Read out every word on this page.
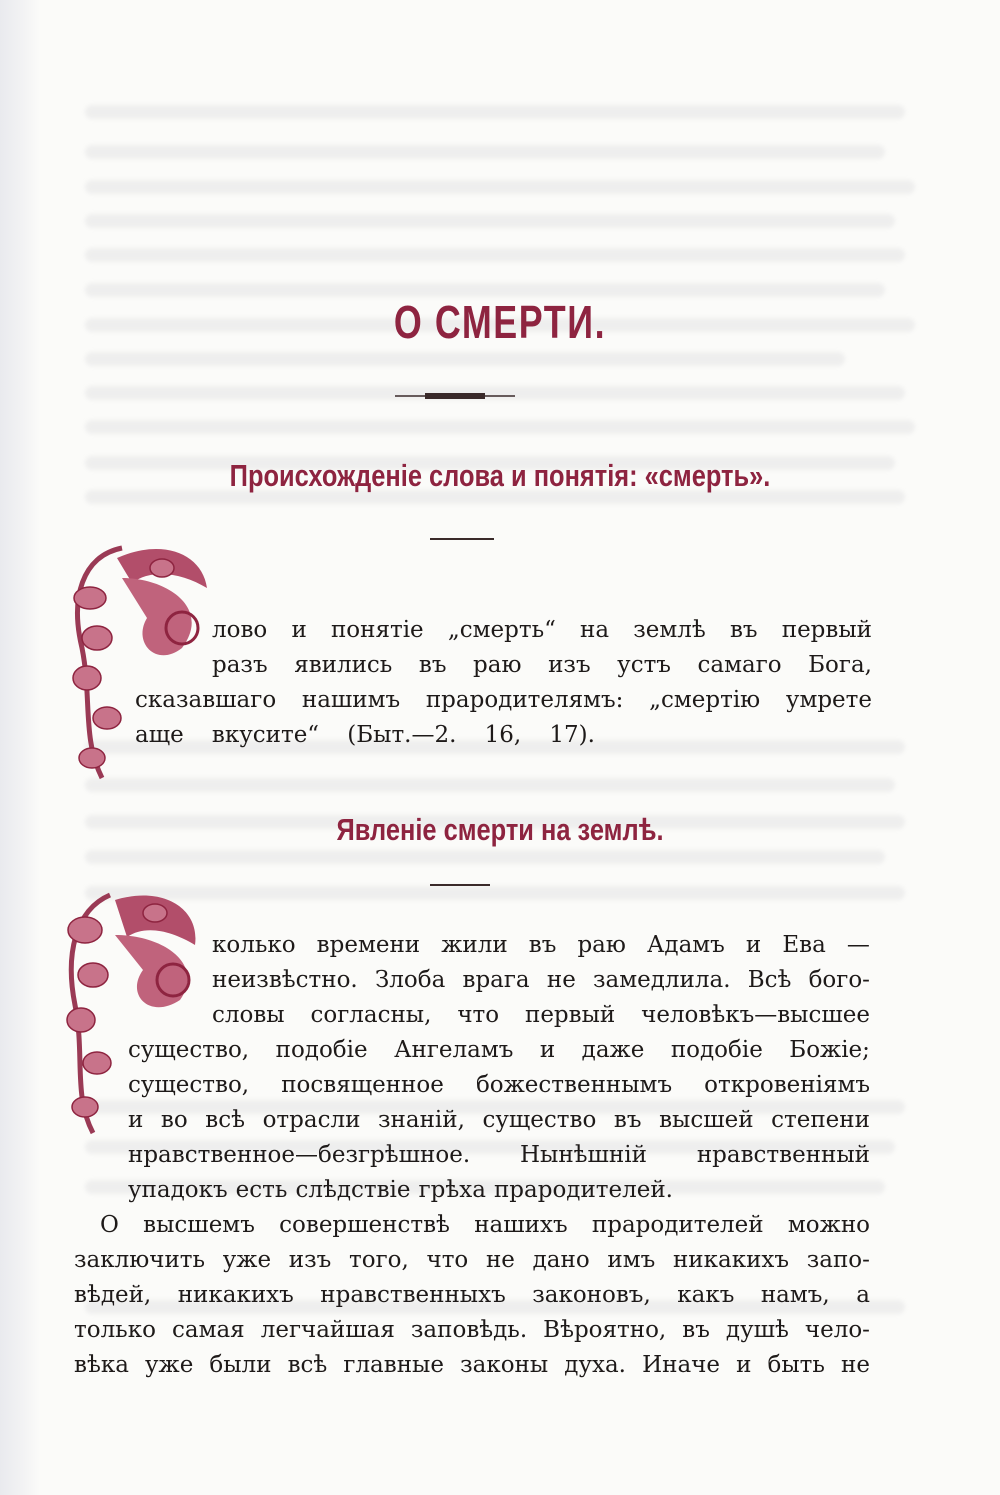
О СМЕРТИ.
Происхожденіе слова и понятія: «смерть».
лово и понятіе „смерть“ на землѣ въ первый
разъ явились въ раю изъ устъ самаго Бога,
сказавшаго нашимъ прародителямъ: „смертію умрете
аще вкусите“ (Быт.—2. 16, 17).
Явленіе смерти на землѣ.
колько времени жили въ раю Адамъ и Ева —
неизвѣстно. Злоба врага не замедлила. Всѣ бого-
словы согласны, что первый человѣкъ—высшее
существо, подобіе Ангеламъ и даже подобіе Божіе;
существо, посвященное божественнымъ откровеніямъ
и во всѣ отрасли знаній, существо въ высшей степени
нравственное—безгрѣшное. Нынѣшній нравственный
упадокъ есть слѣдствіе грѣха прародителей.
О высшемъ совершенствѣ нашихъ прародителей можно
заключить уже изъ того, что не дано имъ никакихъ запо-
вѣдей, никакихъ нравственныхъ законовъ, какъ намъ, а
только самая легчайшая заповѣдь. Вѣроятно, въ душѣ чело-
вѣка уже были всѣ главные законы духа. Иначе и быть не
